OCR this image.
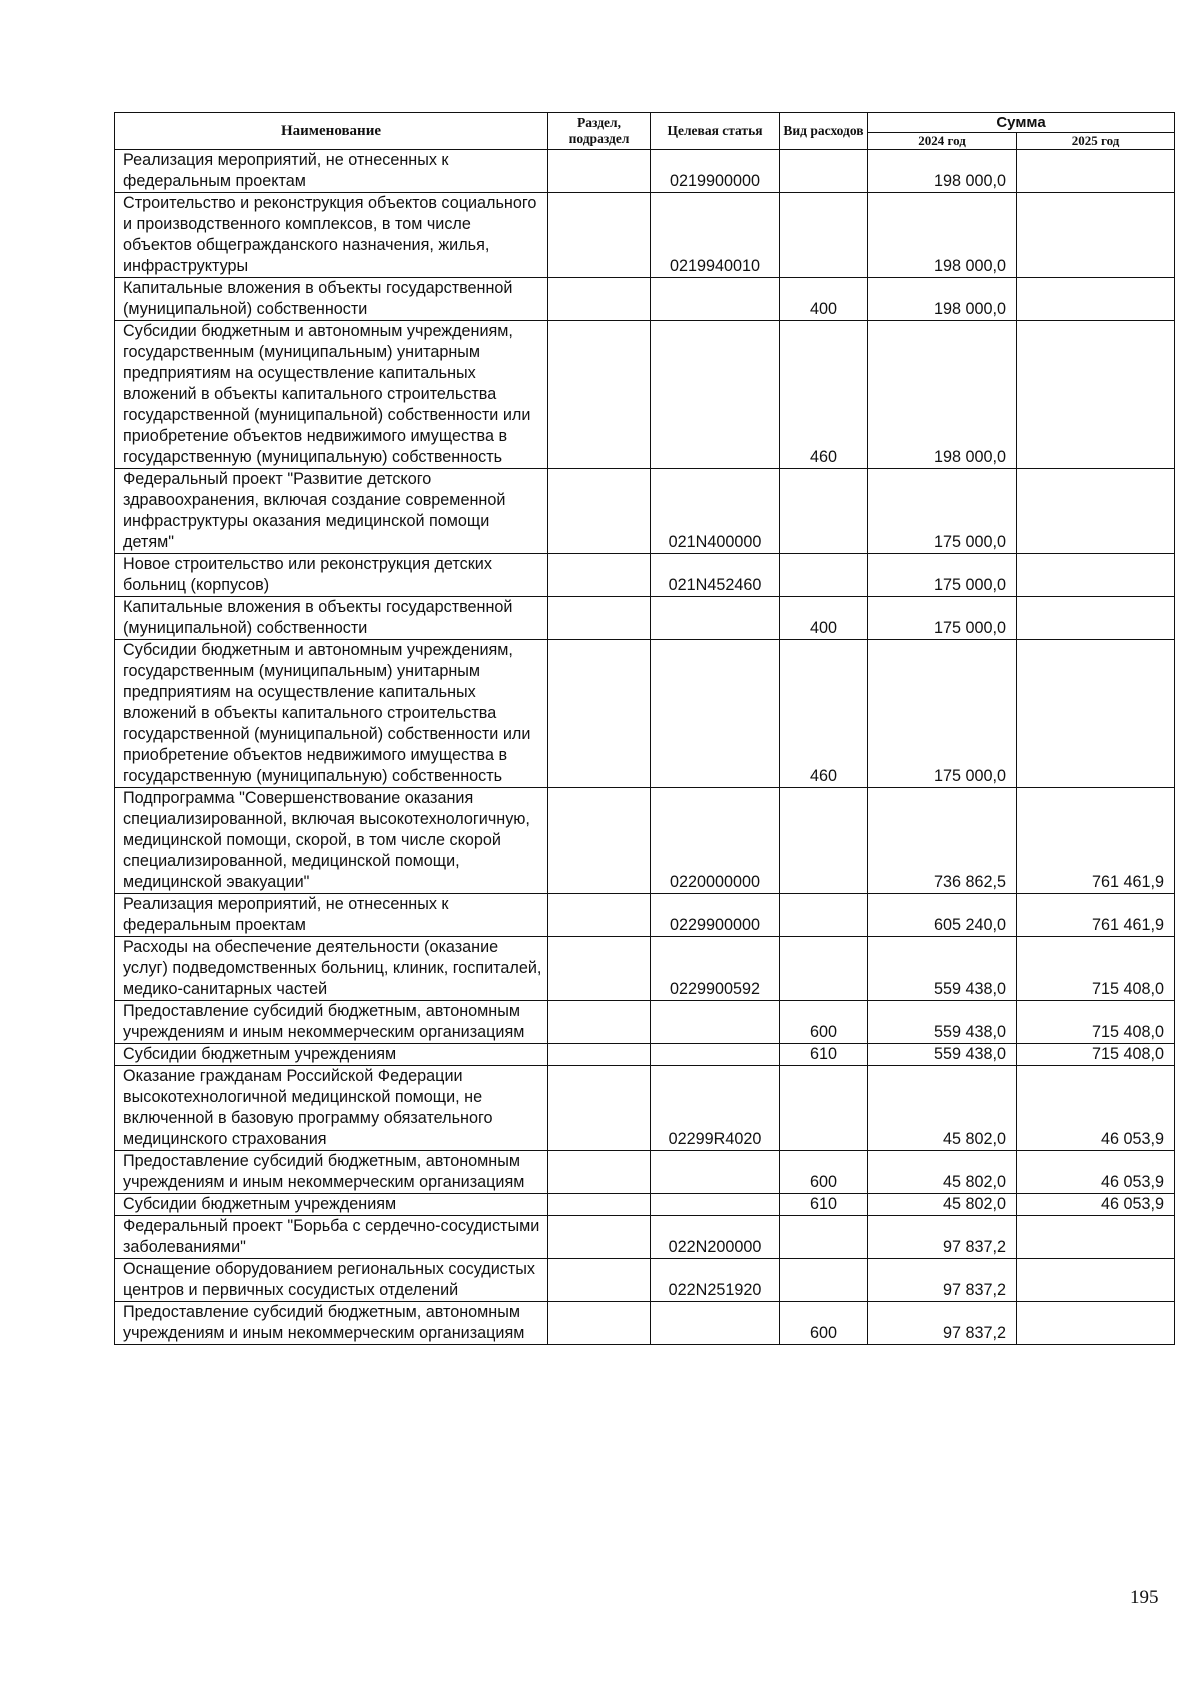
Наименование	Раздел, подраздел	Целевая статья	Вид расходов	Сумма	
				2024 год	2025 год
Реализация мероприятий, не отнесенных к федеральным проектам		0219900000		198 000,0	
Строительство и реконструкция объектов социального и производственного комплексов, в том числе объектов общегражданского назначения, жилья, инфраструктуры		0219940010		198 000,0	
Капитальные вложения в объекты государственной (муниципальной) собственности			400	198 000,0	
Субсидии бюджетным и автономным учреждениям, государственным (муниципальным) унитарным предприятиям на осуществление капитальных вложений в объекты капитального строительства государственной (муниципальной) собственности или приобретение объектов недвижимого имущества в государственную (муниципальную) собственность			460	198 000,0	
Федеральный проект "Развитие детского здравоохранения, включая создание современной инфраструктуры оказания медицинской помощи детям"		021N400000		175 000,0	
Новое строительство или реконструкция детских больниц (корпусов)		021N452460		175 000,0	
Капитальные вложения в объекты государственной (муниципальной) собственности			400	175 000,0	
Субсидии бюджетным и автономным учреждениям, государственным (муниципальным) унитарным предприятиям на осуществление капитальных вложений в объекты капитального строительства государственной (муниципальной) собственности или приобретение объектов недвижимого имущества в государственную (муниципальную) собственность			460	175 000,0	
Подпрограмма "Совершенствование оказания специализированной, включая высокотехнологичную, медицинской помощи, скорой, в том числе скорой специализированной, медицинской помощи, медицинской эвакуации"		0220000000		736 862,5	761 461,9
Реализация мероприятий, не отнесенных к федеральным проектам		0229900000		605 240,0	761 461,9
Расходы на обеспечение деятельности (оказание услуг) подведомственных больниц, клиник, госпиталей, медико-санитарных частей		0229900592		559 438,0	715 408,0
Предоставление субсидий бюджетным, автономным учреждениям и иным некоммерческим организациям			600	559 438,0	715 408,0
Субсидии бюджетным учреждениям			610	559 438,0	715 408,0
Оказание гражданам Российской Федерации высокотехнологичной медицинской помощи, не включенной в базовую программу обязательного медицинского страхования		02299R4020		45 802,0	46 053,9
Предоставление субсидий бюджетным, автономным учреждениям и иным некоммерческим организациям			600	45 802,0	46 053,9
Субсидии бюджетным учреждениям			610	45 802,0	46 053,9
Федеральный проект "Борьба с сердечно-сосудистыми заболеваниями"		022N200000		97 837,2	
Оснащение оборудованием региональных сосудистых центров и первичных сосудистых отделений		022N251920		97 837,2	
Предоставление субсидий бюджетным, автономным учреждениям и иным некоммерческим организациям			600	97 837,2	
195
